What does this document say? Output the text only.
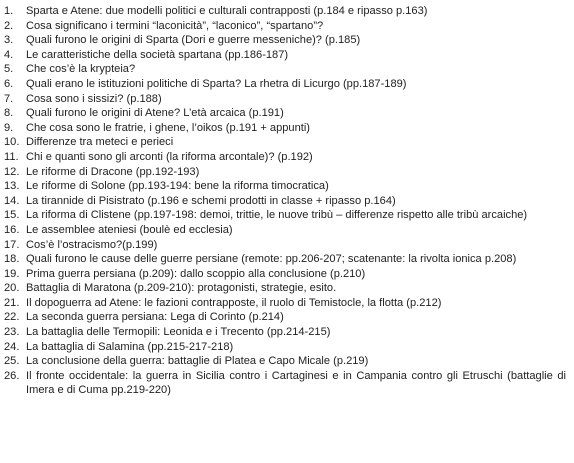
1.	Sparta e Atene: due modelli politici e culturali contrapposti (p.184 e ripasso p.163)
2.	Cosa significano i termini “laconicità”, “laconico”, “spartano”?
3.	Quali furono le origini di Sparta (Dori e guerre messeniche)? (p.185)
4.	Le caratteristiche della società spartana (pp.186-187)
5.	Che cos’è la krypteia?
6.	Quali erano le istituzioni politiche di Sparta? La rhetra di Licurgo (pp.187-189)
7.	Cosa sono i sissizi? (p.188)
8.	Quali furono le origini di Atene? L’età arcaica (p.191)
9.	Che cosa sono le fratrie, i ghene, l’oikos (p.191 + appunti)
10. Differenze tra meteci e perieci
11. Chi e quanti sono gli arconti (la riforma arcontale)? (p.192)
12. Le riforme di Dracone (pp.192-193)
13. Le riforme di Solone (pp.193-194: bene la riforma timocratica)
14. La tirannide di Pisistrato (p.196 e schemi prodotti in classe + ripasso p.164)
15. La riforma di Clistene (pp.197-198: demoi, trittie, le nuove tribù – differenze rispetto alle tribù arcaiche)
16. Le assemblee ateniesi (boulè ed ecclesia)
17. Cos’è l’ostracismo?(p.199)
18. Quali furono le cause delle guerre persiane (remote: pp.206-207; scatenante: la rivolta ionica p.208)
19. Prima guerra persiana (p.209): dallo scoppio alla conclusione (p.210)
20. Battaglia di Maratona (p.209-210): protagonisti, strategie, esito.
21. Il dopoguerra ad Atene: le fazioni contrapposte, il ruolo di Temistocle, la flotta (p.212)
22. La seconda guerra persiana: Lega di Corinto (p.214)
23. La battaglia delle Termopili: Leonida e i Trecento (pp.214-215)
24. La battaglia di Salamina (pp.215-217-218)
25. La conclusione della guerra: battaglie di Platea e Capo Micale (p.219)
26. Il fronte occidentale: la guerra in Sicilia contro i Cartaginesi e in Campania contro gli Etruschi (battaglie di Imera e di Cuma pp.219-220)
